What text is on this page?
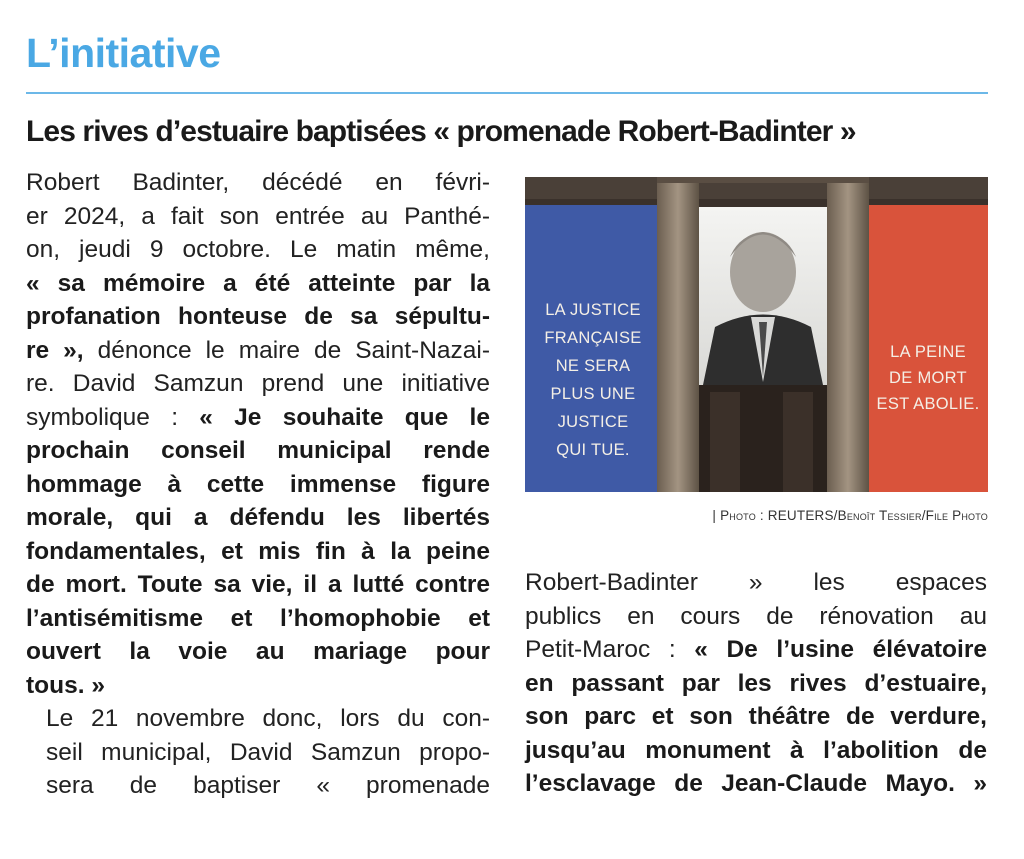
L’initiative
Les rives d’estuaire baptisées « promenade Robert-Badinter »

Robert Badinter, décédé en févri-
er 2024, a fait son entrée au Panthé-
on, jeudi 9 octobre. Le matin même,
« sa mémoire a été atteinte par la
profanation honteuse de sa sépultu-
re », dénonce le maire de Saint-Nazai-
re. David Samzun prend une initiative
symbolique : « Je souhaite que le
prochain conseil municipal rende
hommage à cette immense figure
morale, qui a défendu les libertés
fondamentales, et mis fin à la peine
de mort. Toute sa vie, il a lutté contre
l’antisémitisme et l’homophobie et
ouvert la voie au mariage pour
tous. »

Le 21 novembre donc, lors du con-
seil municipal, David Samzun propo-
sera de baptiser « promenade

LA JUSTICE
FRANÇAISE
NE SERA
PLUS UNE
JUSTICE
QUI TUE.
LA PEINE
DE MORT
EST ABOLIE.
| Photo : REUTERS/Benoît Tessier/File Photo

Robert-Badinter » les espaces
publics en cours de rénovation au
Petit-Maroc : « De l’usine élévatoire
en passant par les rives d’estuaire,
son parc et son théâtre de verdure,
jusqu’au monument à l’abolition de
l’esclavage de Jean-Claude Mayo. »
